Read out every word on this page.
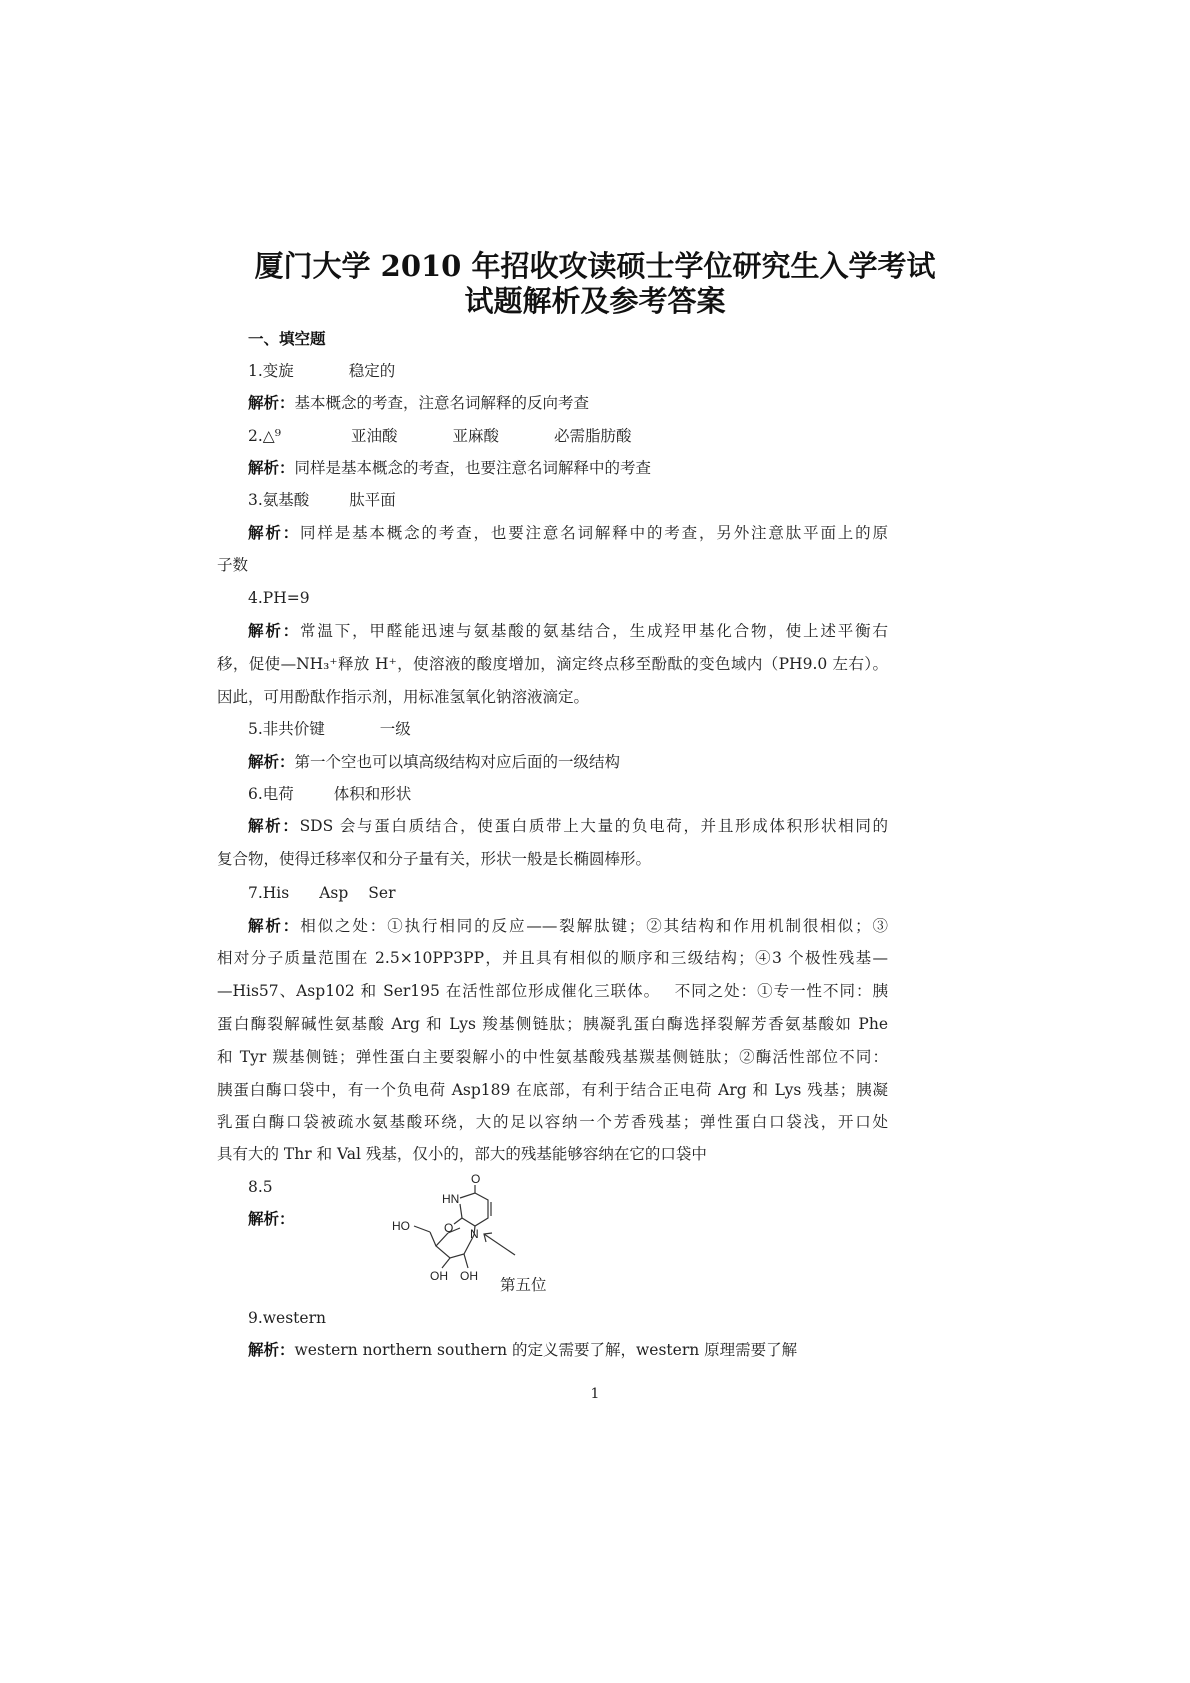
厦门大学 2010 年招收攻读硕士学位研究生入学考试
试题解析及参考答案
一、填空题
1.变旋	稳定的
解析：基本概念的考查，注意名词解释的反向考查
2.△⁹	亚油酸	亚麻酸	必需脂肪酸
解析：同样是基本概念的考查，也要注意名词解释中的考查
3.氨基酸	肽平面
解析：同样是基本概念的考查，也要注意名词解释中的考查，另外注意肽平面上的原
子数
4.PH=9
解析：常温下，甲醛能迅速与氨基酸的氨基结合，生成羟甲基化合物，使上述平衡右
移，促使—NH₃⁺释放 H⁺，使溶液的酸度增加，滴定终点移至酚酞的变色域内（PH9.0 左右）。
因此，可用酚酞作指示剂，用标准氢氧化钠溶液滴定。
5.非共价键	一级
解析：第一个空也可以填高级结构对应后面的一级结构
6.电荷	体积和形状
解析：SDS 会与蛋白质结合，使蛋白质带上大量的负电荷，并且形成体积形状相同的
复合物，使得迁移率仅和分子量有关，形状一般是长椭圆棒形。
7.His Asp Ser
解析：相似之处：①执行相同的反应——裂解肽键；②其结构和作用机制很相似；③
相对分子质量范围在 2.5×10PP3PP，并且具有相似的顺序和三级结构；④3 个极性残基—
—His57、Asp102 和 Ser195 在活性部位形成催化三联体。　 不同之处：①专一性不同：胰
蛋白酶裂解碱性氨基酸 Arg 和 Lys 羧基侧链肽；胰凝乳蛋白酶选择裂解芳香氨基酸如 Phe
和 Tyr 羰基侧链；弹性蛋白主要裂解小的中性氨基酸残基羰基侧链肽；②酶活性部位不同：
胰蛋白酶口袋中，有一个负电荷 Asp189 在底部，有利于结合正电荷 Arg 和 Lys 残基；胰凝
乳蛋白酶口袋被疏水氨基酸环绕，大的足以容纳一个芳香残基；弹性蛋白口袋浅，开口处
具有大的 Thr 和 Val 残基，仅小的，部大的残基能够容纳在它的口袋中
8.5
解析：
O
HN
O N
HO
OH OH 第五位
9.western
解析：western northern southern 的定义需要了解，western 原理需要了解
1
